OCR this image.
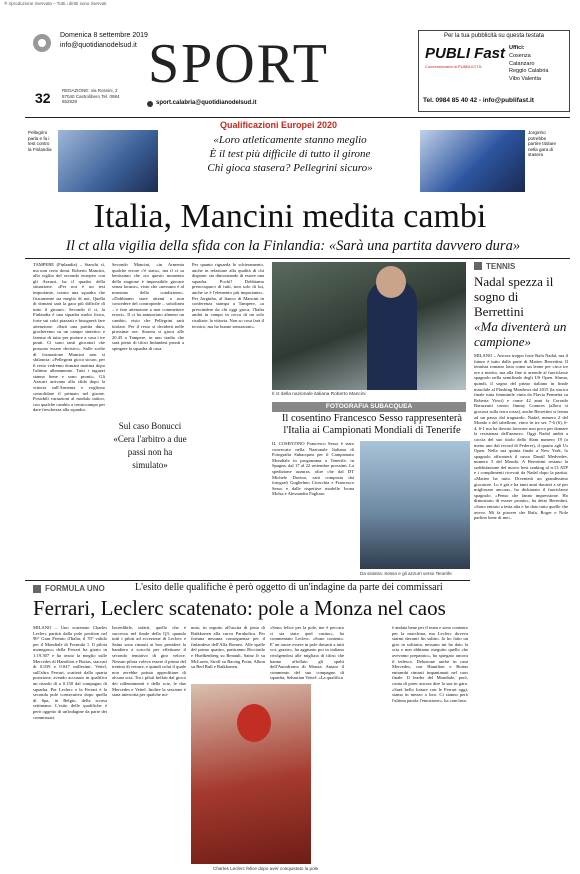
® riproduzione riservata – Tutti i diritti sono riservati
Domenica 8 settembre 2019
info@quotidianodelsud.it SPORT
32	REDAZIONE: via Rossini, 2 87040 Castrolibero Tel. 0984 852828	sport.calabria@quotidianodelsud.it
Per la tua pubblicità su questa testata
PUBLI Fast
Concessionaria di PUBBLICITÀ
Uffici:
Cosenza
Catanzaro
Reggio Calabria
Vibo Valentia
Tel. 0984 85 40 42 - info@publifast.it
Qualificazioni Europei 2020
Pellegrini parla e fa i test contro la Finlandia
«Loro atleticamente stanno meglio
È il test più difficile di tutto il girone
Chi gioca stasera? Pellegrini sicuro»
Jorginho potrebbe partire titolare nella gara di stasera
Italia, Mancini medita cambi
Il ct alla vigilia della sfida con la Finlandia: «Sarà una partita davvero dura»
TAMPERE (Finlandia) – Stanchi sì, ma non certo domi. Roberto Mancini, alla vigilia del secondo europeo con gli Azzurri, ha il quadro della situazione. «Per noi è un test importante, contro una squadra che fisicamente sta meglio di noi. Quella di domani sarà la gara più difficile di tutto il girone». Secondo il ct, la Finlandia è una squadra molto fisica, forte sui calci piazzati e bisognerà fare attenzione. «Sarà una partita dura, giocheremo su un campo sintetico e faremo di tutto per portare a casa i tre punti. Ci sono tanti giocatori che possono essere decisivi». Sulle scelte di formazione Mancini non si sbilancia: «Pellegrini gioca sicuro, per il resto vedremo domani mattina dopo l'ultimo allenamento. Tutti i ragazzi stanno bene e sono pronti». Gli Azzurri arrivano alla sfida dopo la vittoria sull'Armenia e vogliono consolidare il primato nel girone. Possibili variazioni al modulo tattico, con qualche cambio a centrocampo per dare freschezza alla squadra.
Secondo Mancini, «in Armenia qualche errore c'è stato», ma il ct sa benissimo che «in questo momento della stagione è impossibile giocare senza lacune», visto che «nessuno è al massimo della condizione». «Dobbiamo stare attenti a non concedere del contropiede – sottolinea – e fare attenzione a non commettere errori». Il ct ha annunciato almeno un cambio, visto che Pellegrini sarà titolare. Per il resto si deciderà nelle prossime ore. Stasera si gioca alle 20.45 a Tampere, in uno stadio che sarà pieno di tifosi finlandesi pronti a spingere la squadra di casa.
Sul caso Bonucci «Cera l'arbitro a due passi non ha simulato»
Per quanto riguarda lo schieramento, anche in relazione alla qualità di chi dispone: sta dimostrando di essere una squadra. Pochi? Dobbiamo preoccuparci di tutti, non solo di lui, anche se è l'elemento più importante». Per Jorginho, al fianco di Mancini in conferenza stampa a Tampere, «a prescindere da chi oggi gioca, l'Italia andrà in campo in cerca di un solo risultato: la vittoria. Non so cosa farà il tecnico, ma ho buone sensazioni».
Il ct della nazionale italiana Roberto Mancini
FOTOGRAFIA SUBACQUEA
Il cosentino Francesco Sesso rappresenterà l'Italia ai Campionati Mondiali di Tenerife
IL COSENTINO Francesco Sesso è stato convocato nella Nazionale Italiana di Fotografia Subacquea per il Campionato Mondiale in programma a Tenerife, in Spagna, dal 17 al 22 settembre prossimi. La spedizione azzurra, oltre che dal DT Michele Davino, sarà composta dai fotografi Guglielmo Cicerchia e Francesco Sesso e dalle rispettive modelle Ivona Molsa e Alessandra Fagliaro.
Da sinistra: Sesso e gli azzurri verso Tenerife
TENNIS
Nadal spezza il sogno di Berrettini
«Ma diventerà un campione»
MILANO – Ancora troppo forte Rafa Nadal, ma il futuro è tutto dalla parte di Matteo Berrettini. Il tennista romano lotta come un leone per circa tre ore a merito, ma alla fine si arrende al fuoriclasse spagnolo nella semifinale degli US Open. Sfuma, quindi, il sogno del primo italiano in finale maschile al Flushing Meadows dal 2015 (la storica finale tutta femminile vinta da Flavia Pennetta su Roberta Vinci) e come 42 anni fa Corrado Barazzutti contro Jimmy Connors (allora si giocava sulla terra rossa), anche Berrettini si ferma ad un passo dal traguardo. Nadal, numero 2 del Mondo e del tabellone, vince in tre set: 7-6 (6), 6-4, 6-1 ma ha dovuto lavorare non poco per domare la resistenza dell'azzurro. Oggi Nadal andrà a caccia del suo titolo dello Slam numero 19 (a meno uno dal record di Federer), il quarto agli Us Open. Nella sua quinta finale a New York, lo spagnolo affronterà il russo Daniil Medvedev, numero 5 del Mondo. A Berrettini restano la soddisfazione del nuovo best ranking al n.13 ATP e i complimenti ricevuti da Nadal dopo la partita. «Matteo ha tutto. Diventerà un grandissimo giocatore. Lo è già e ha tanti anni davanti a sé per migliorare ancora», ha dichiarato il fuoriclasse spagnolo. «Penso che fanno impressione. Ho dimostrato di essere pronto», ha detto Berrettini. «Sono entrato a testa alta e ho dato tutto quello che avevo. Mi fa piacere che Rafa, Roger e Nole parlino bene di me».
FORMULA UNO	L'esito delle qualifiche è però oggetto di un'indagine da parte dei commissari
Ferrari, Leclerc scatenato: pole a Monza nel caos
MILANO – Uno scatenato Charles Leclerc partirà dalla pole position nel 90° Gran Premio d'Italia, il 70° valido per il Mondiale di Formula 1. Il pilota monegasco della Ferrari ha girato in 1:19.307 e ha avuto la meglio sulle Mercedes di Hamilton e Bottas, staccati di 0.039 e 0.047 millesimi. Vettel, sull'altra Ferrari, scatterà dalla quarta posizione, avendo accusato in qualifica un ritardo di a 0.150 dal compagno di squadra. Per Leclerc e la Ferrari è la seconda pole consecutiva dopo quella di Spa, in Belgio, della scorsa settimana. L'esito delle qualifiche è però oggetto di un'indagine da parte dei commissari.
Incredibile, infatti, quello che è successo nel finale della Q3, quando tutti i piloti ad eccezione di Leclerc e Sainz sono rimasti ai box prendere la bandiera a scacchi per effettuare il secondo tentativo di giro veloce. Nessun pilota voleva essere il primo del trenino di vetture, e quindi colui il quale non avrebbe potuto approfittare di alcuna scia. Tra i piloti beffati dal gioco dei rallentamenti e delle scie, le due Mercedes e Vettel. Inoltre la sessione è stata interrotta per qualche mi-
nuto, in seguito all'uscita di pista di Raikkonen alla curva Parabolica. Per fortuna nessuna conseguenza per il finlandese dell'Alfa Romeo. Alle spalle del primo quattro, partiranno Ricciardo e Huelkenberg su Renault, Sainz Jr su McLaren, Stroll su Racing Point, Albon su Red Bull e Raikkonen.
«Sono felice per la pole, me è peccato ci sia stato quel casino», ha commentato Leclerc. «Sono contento. E' un onore essere in pole davanti a tutti voi, grazie», ha aggiunto poi in italiano rivolgendosi alle migliaia di tifosi che hanno affollato gli spalti dell'Autodromo di Monza. Amaro il commento del suo compagno di squadra, Sebastian Vettel: «La qualifica
è andata bene per il team e sono contento per la macchina, ma Leclerc doveva starmi davanti fin subito. Io ho fatto un giro in solitaria, nessuno mi ha dato la scia e non abbiamo eseguito quello che avevamo preparato», ha spiegato ancora il tedesco. Delusione anche in casa Mercedes, con Hamilton e Bottas entrambi rimasti impantanati nel caos finale. Il leader del Mondiale, però, conta di poter ancora dire la sua in gara. «Sarà bello lottare con le Ferrari oggi, siamo in mezzo a loro. Ci stanno però l'ultima parola l'emozione», ha concluso.
Charles Leclerc felice dopo aver conquistato la pole
